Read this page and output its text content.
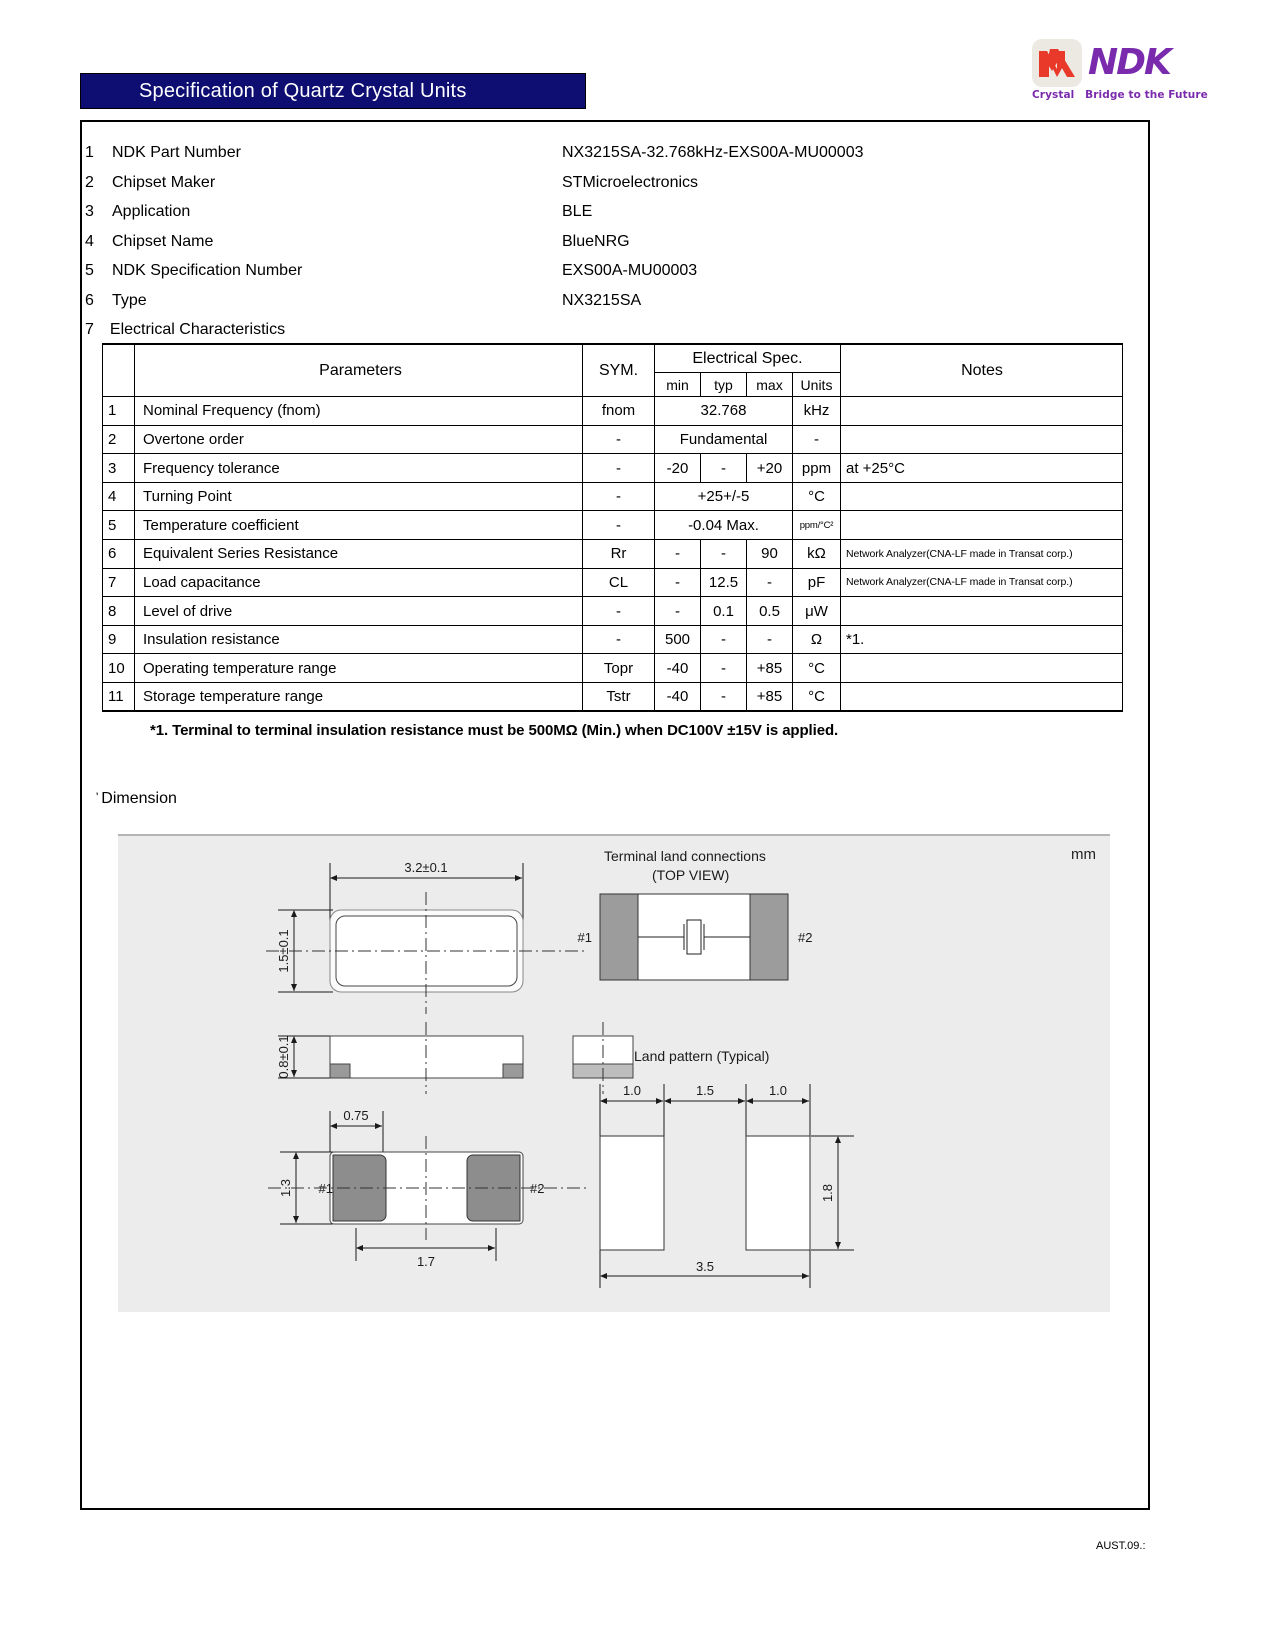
Specification of Quartz Crystal Units
NDK
Crystal Bridge to the Future
1	NDK Part Number	NX3215SA-32.768kHz-EXS00A-MU00003
2	Chipset Maker	STMicroelectronics
3	Application	BLE
4	Chipset Name	BlueNRG
5	NDK Specification Number	EXS00A-MU00003
6	Type	NX3215SA
7 Electrical Characteristics
	Parameters	SYM.	Electrical Spec.				Notes
			min	typ	max	Units	
1	Nominal Frequency (fnom)	fnom	32.768			kHz	
2	Overtone order	-	Fundamental			-	
3	Frequency tolerance	-	-20	-	+20	ppm	at +25°C
4	Turning Point	-	+25+/-5			°C	
5	Temperature coefficient	-	-0.04 Max.			ppm/°C²	
6	Equivalent Series Resistance	Rr	-	-	90	kΩ	Network Analyzer(CNA-LF made in Transat corp.)
7	Load capacitance	CL	-	12.5	-	pF	Network Analyzer(CNA-LF made in Transat corp.)
8	Level of drive	-	-	0.1	0.5	μW	
9	Insulation resistance	-	500	-	-	Ω	*1.
10	Operating temperature range	Topr	-40	-	+85	°C	
11	Storage temperature range	Tstr	-40	-	+85	°C	
*1. Terminal to terminal insulation resistance must be 500MΩ (Min.) when DC100V ±15V is applied.
' Dimension
mm
3.2±0.1
1.5±0.1
0.8±0.1
0.75
1.3 #1	#2
1.7
Terminal land connections
(TOP VIEW)
#1	#2
Land pattern (Typical)
1.0	1.5	1.0
1.8
3.5
AUST.09.:
